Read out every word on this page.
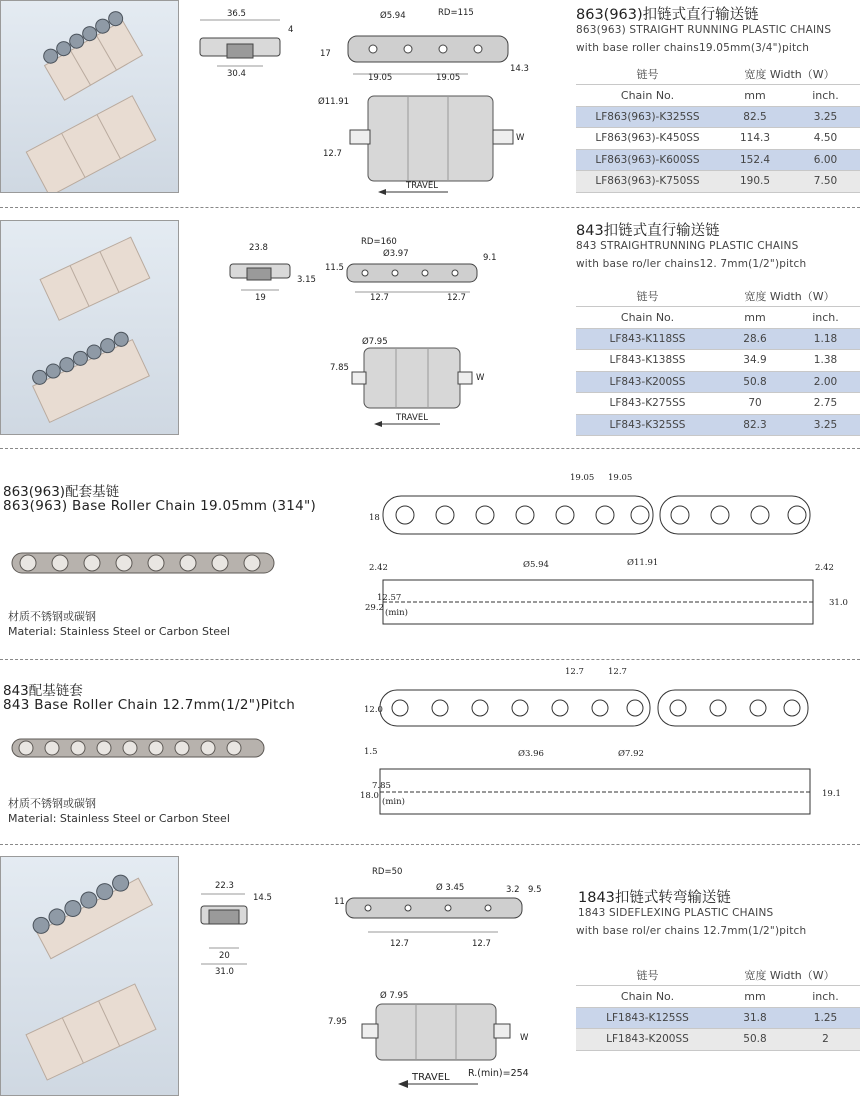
36.5
4
30.4
Ø5.94	RD=115
17
14.3
19.05	19.05
Ø11.91
12.7
W
TRAVEL
863(963)扣链式直行输送链
863(963) STRAIGHT RUNNING PLASTIC CHAINS
with base roller chains19.05mm(3/4")pitch
链号	宽度 Width（W）	
Chain No.	mm	inch.
LF863(963)-K325SS	82.5	3.25
LF863(963)-K450SS	114.3	4.50
LF863(963)-K600SS	152.4	6.00
LF863(963)-K750SS	190.5	7.50
23.8
3.15
19
RD=160
Ø3.97
11.5
9.1
12.7	12.7
Ø7.95
7.85
W
TRAVEL
843扣链式直行输送链
843 STRAIGHTRUNNING PLASTIC CHAINS
with base ro/ler chains12. 7mm(1/2")pitch
链号	宽度 Width（W）	
Chain No.	mm	inch.
LF843-K118SS	28.6	1.18
LF843-K138SS	34.9	1.38
LF843-K200SS	50.8	2.00
LF843-K275SS	70	2.75
LF843-K325SS	82.3	3.25
863(963)配套基链
863(963) Base Roller Chain 19.05mm (314")
材质不锈钢或碳钢
Material: Stainless Steel or Carbon Steel
19.05 19.05
18
2.42	Ø5.94	Ø11.91	2.42
29.2
12.57
(min)
31.0
843配基链套
843 Base Roller Chain 12.7mm(1/2")Pitch
材质不锈钢或碳钢
Material: Stainless Steel or Carbon Steel
12.7	12.7
12.0
1.5	Ø3.96	Ø7.92
18.0
7.85
(min)
19.1
22.3
14.5
20
31.0
RD=50
Ø 3.45	3.2 9.5
11
12.7	12.7
Ø 7.95
7.95
W
TRAVEL R.(min)=254
1843扣链式转弯输送链
1843 SIDEFLEXING PLASTIC CHAINS
with base rol/er chains 12.7mm(1/2")pitch
链号	宽度 Width（W）	
Chain No.	mm	inch.
LF1843-K125SS	31.8	1.25
LF1843-K200SS	50.8	2
